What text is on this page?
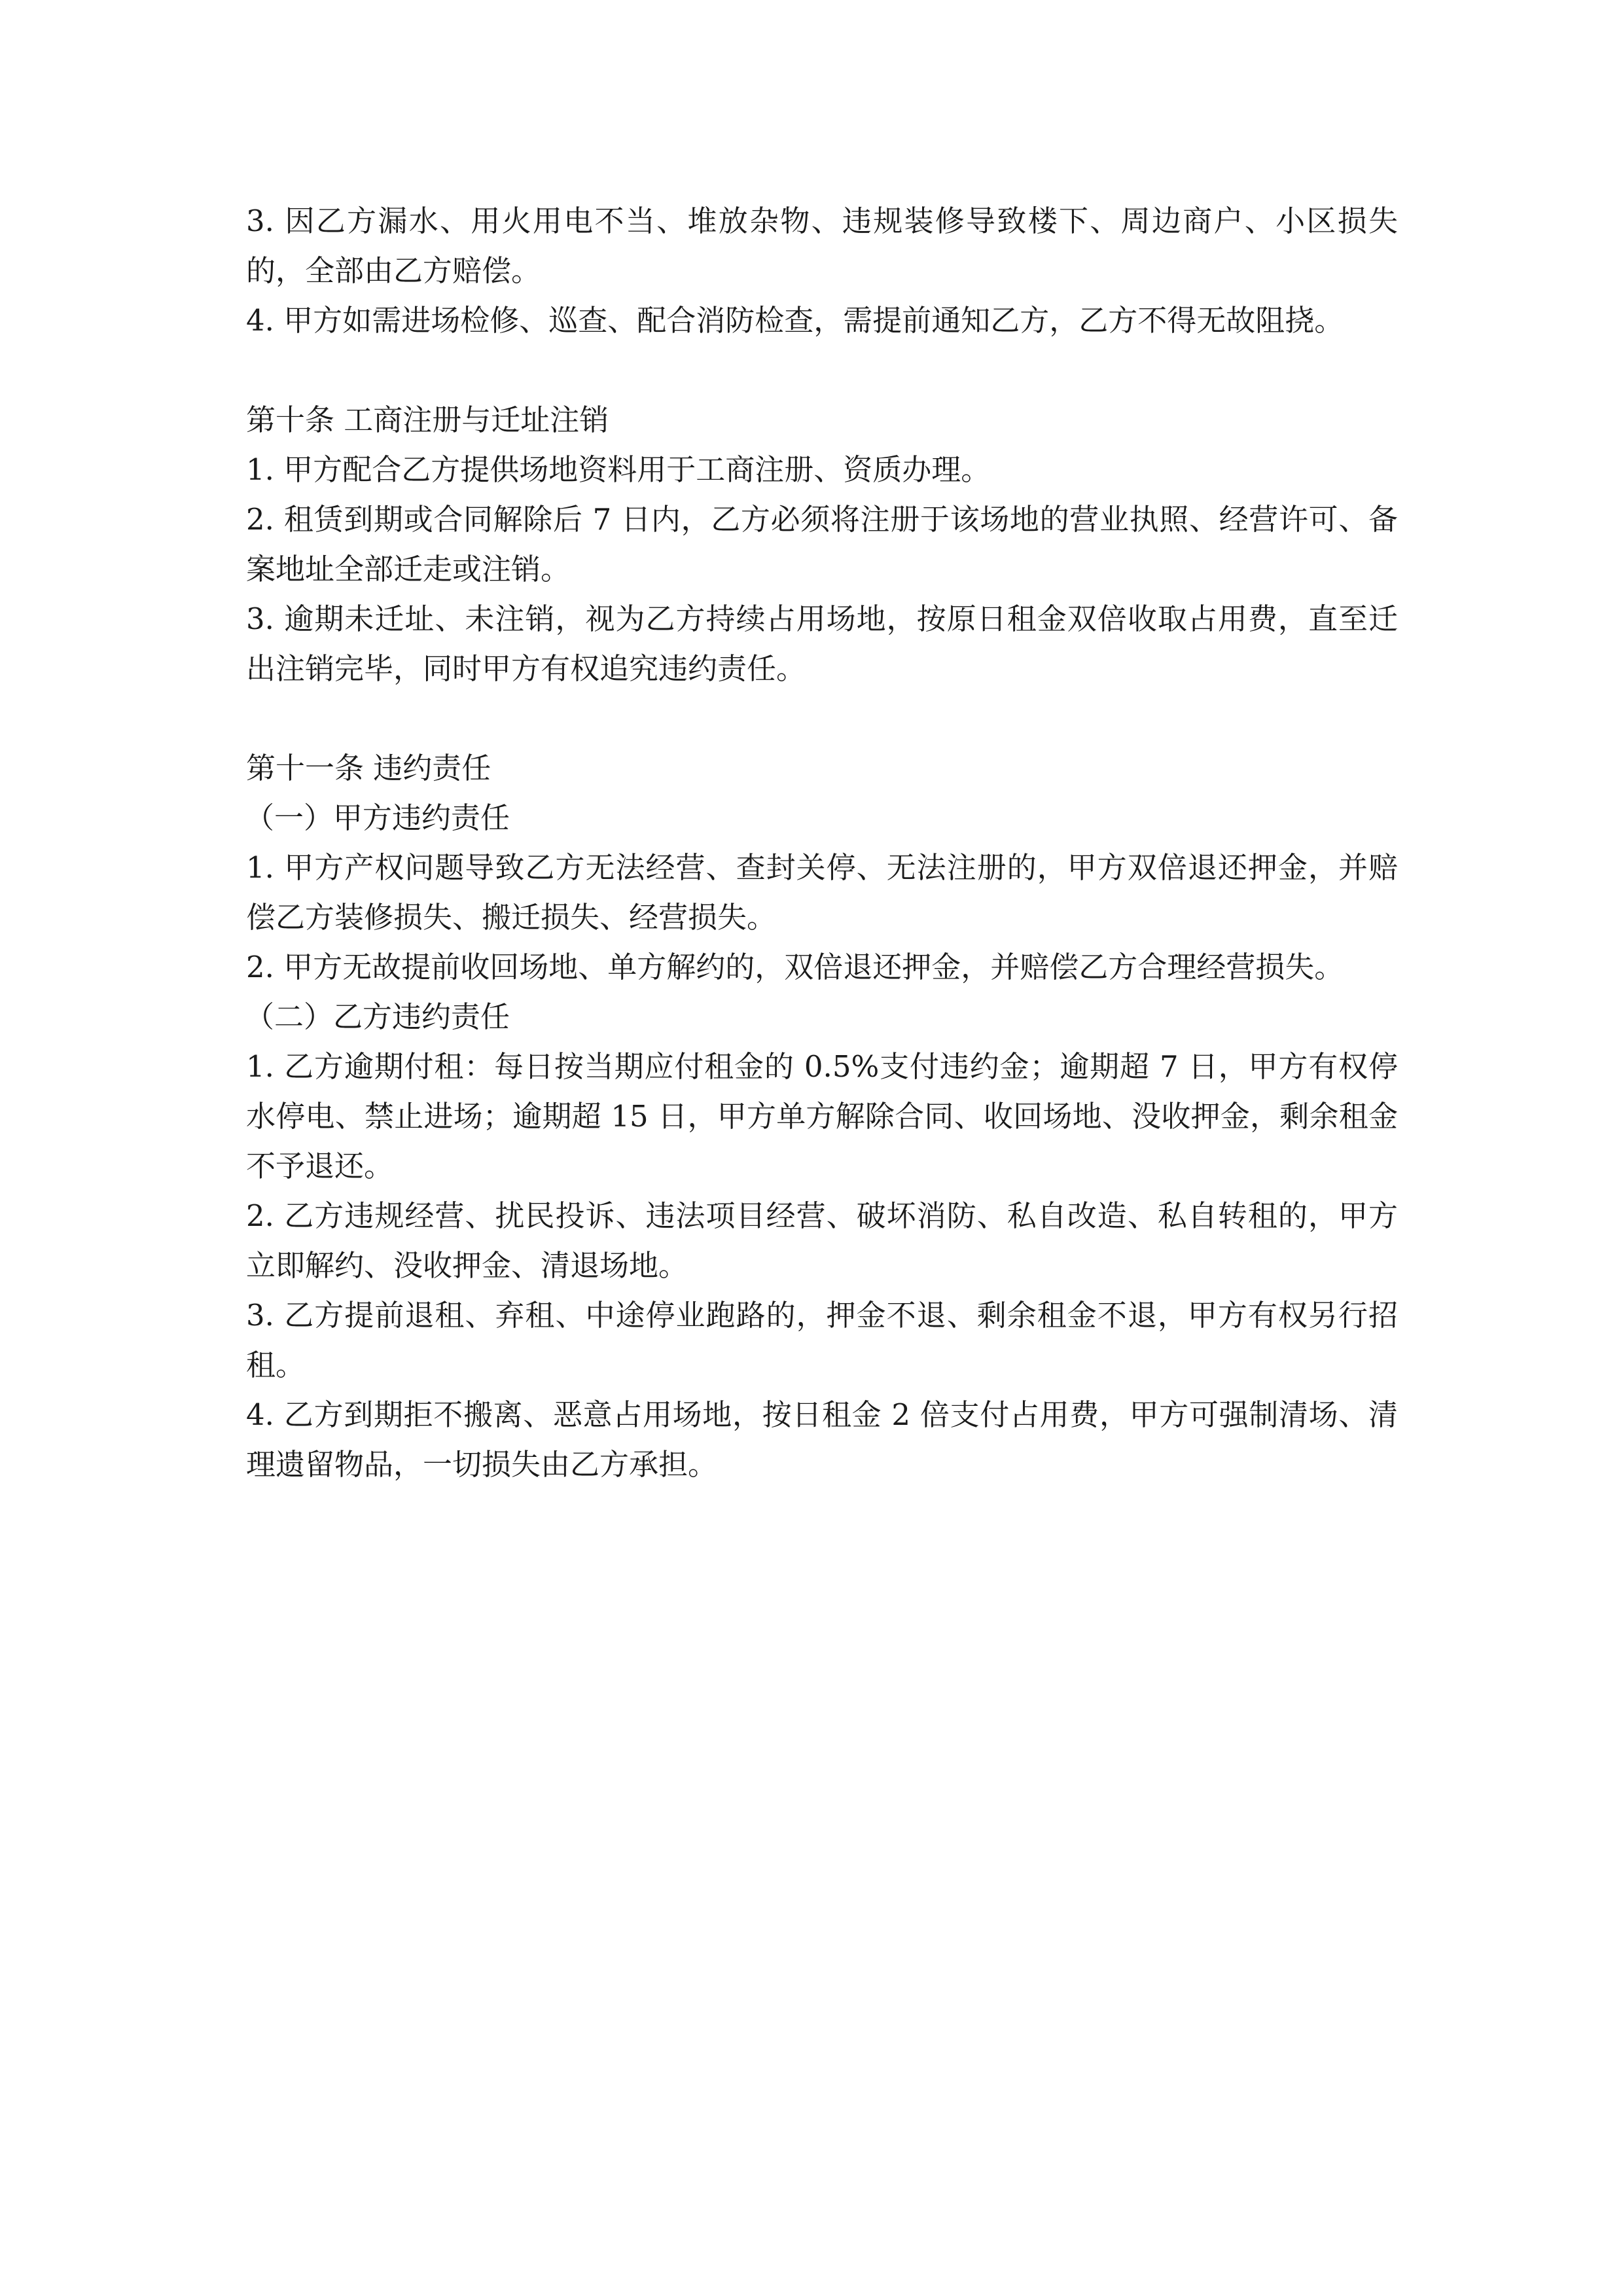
3. 因乙方漏水、用火用电不当、堆放杂物、违规装修导致楼下、周边商户、小区损失的，全部由乙方赔偿。

4. 甲方如需进场检修、巡查、配合消防检查，需提前通知乙方，乙方不得无故阻挠。

第十条 工商注册与迁址注销

1. 甲方配合乙方提供场地资料用于工商注册、资质办理。

2. 租赁到期或合同解除后 7 日内，乙方必须将注册于该场地的营业执照、经营许可、备案地址全部迁走或注销。

3. 逾期未迁址、未注销，视为乙方持续占用场地，按原日租金双倍收取占用费，直至迁出注销完毕，同时甲方有权追究违约责任。

第十一条 违约责任

（一）甲方违约责任

1. 甲方产权问题导致乙方无法经营、查封关停、无法注册的，甲方双倍退还押金，并赔偿乙方装修损失、搬迁损失、经营损失。

2. 甲方无故提前收回场地、单方解约的，双倍退还押金，并赔偿乙方合理经营损失。

（二）乙方违约责任

1. 乙方逾期付租：每日按当期应付租金的 0.5%支付违约金；逾期超 7 日，甲方有权停水停电、禁止进场；逾期超 15 日，甲方单方解除合同、收回场地、没收押金，剩余租金不予退还。

2. 乙方违规经营、扰民投诉、违法项目经营、破坏消防、私自改造、私自转租的，甲方立即解约、没收押金、清退场地。

3. 乙方提前退租、弃租、中途停业跑路的，押金不退、剩余租金不退，甲方有权另行招租。

4. 乙方到期拒不搬离、恶意占用场地，按日租金 2 倍支付占用费，甲方可强制清场、清理遗留物品，一切损失由乙方承担。
